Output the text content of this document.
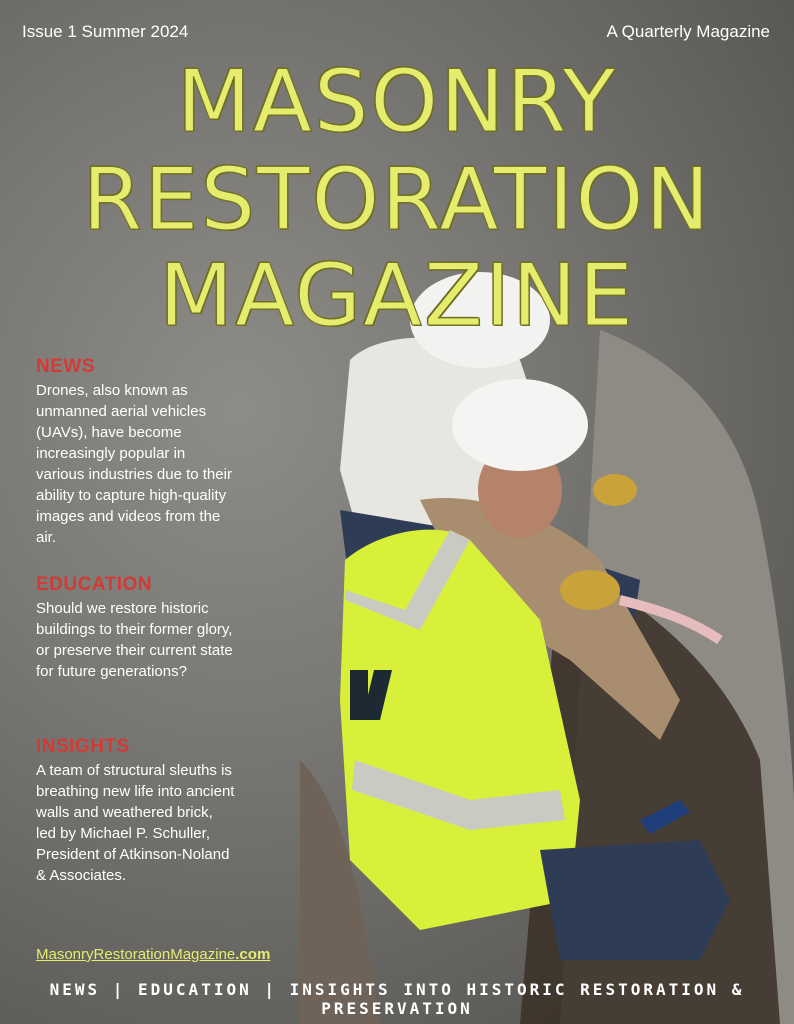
Issue 1 Summer 2024	A Quarterly Magazine
MASONRY
RESTORATION
MAGAZINE
NEWS
Drones, also known as unmanned aerial vehicles (UAVs), have become increasingly popular in various industries due to their ability to capture high-quality images and videos from the air.
EDUCATION
Should we restore historic buildings to their former glory, or preserve their current state for future generations?
INSIGHTS
A team of structural sleuths is breathing new life into ancient walls and weathered brick, led by Michael P. Schuller, President of Atkinson-Noland & Associates.
MasonryRestorationMagazine.com
NEWS | EDUCATION | INSIGHTS INTO HISTORIC RESTORATION & PRESERVATION
